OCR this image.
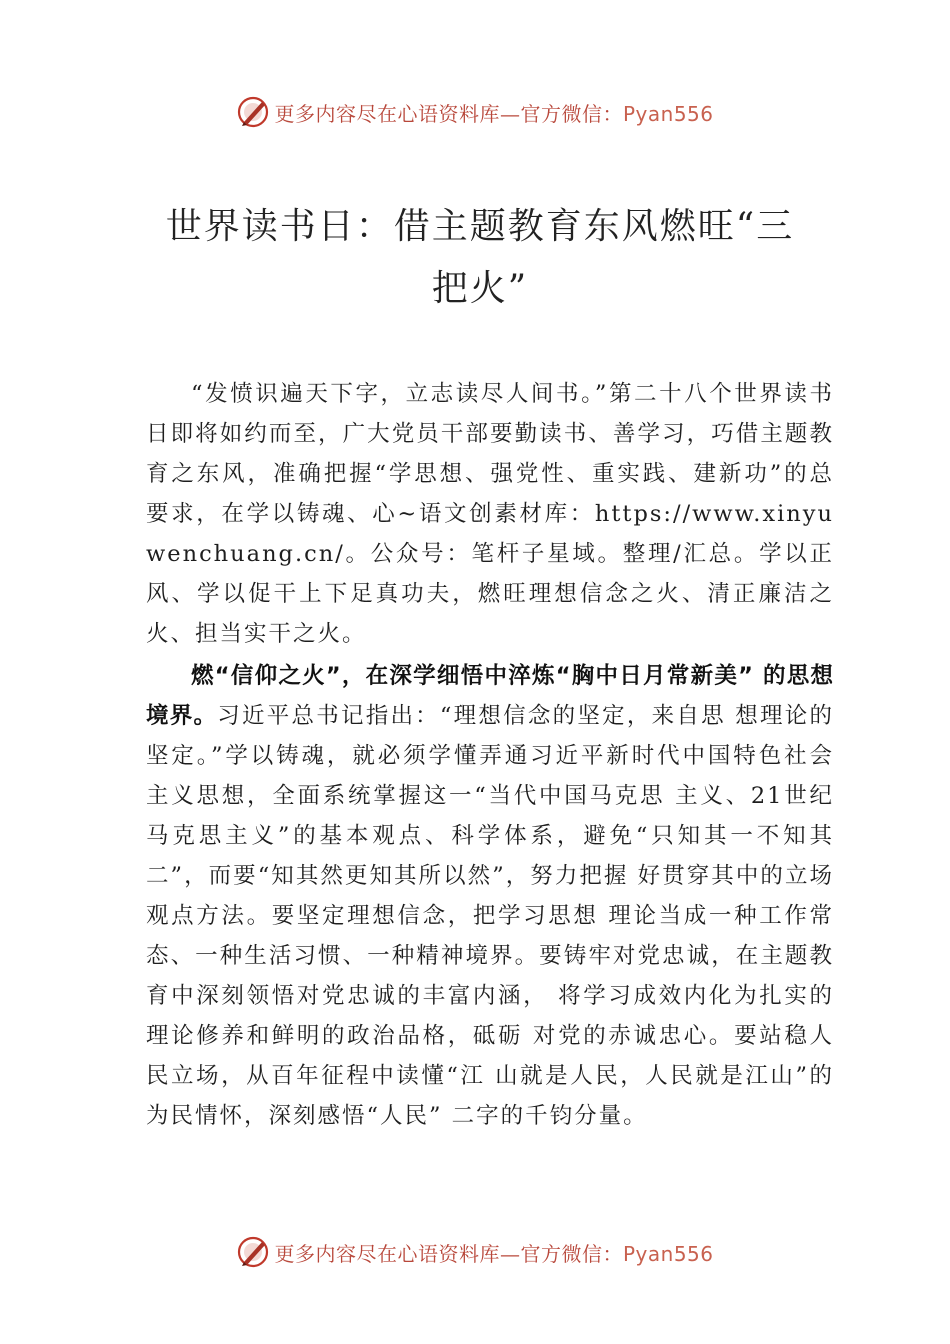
更多内容尽在心语资料库—官方微信：Pyan556
世界读书日：借主题教育东风燃旺“三把火”

“发愤识遍天下字，立志读尽人间书。”第二十八个世界读书日即将如约而至，广大党员干部要勤读书、善学习，巧借主题教育之东风，准确把握“学思想、强党性、重实践、建新功”的总要求，在学以铸魂、心~语文创素材库：https://www.xinyuwenchuang.cn/。公众号：笔杆子星域。整理/汇总。学以正风、学以促干上下足真功夫，燃旺理想信念之火、清正廉洁之火、担当实干之火。

燃“信仰之火”，在深学细悟中淬炼“胸中日月常新美” 的思想境界。习近平总书记指出：“理想信念的坚定，来自思 想理论的坚定。”学以铸魂，就必须学懂弄通习近平新时代中国特色社会主义思想，全面系统掌握这一“当代中国马克思 主义、21世纪马克思主义”的基本观点、科学体系，避免“只知其一不知其二”，而要“知其然更知其所以然”，努力把握 好贯穿其中的立场观点方法。要坚定理想信念，把学习思想 理论当成一种工作常态、一种生活习惯、一种精神境界。要铸牢对党忠诚，在主题教育中深刻领悟对党忠诚的丰富内涵， 将学习成效内化为扎实的理论修养和鲜明的政治品格，砥砺 对党的赤诚忠心。要站稳人民立场，从百年征程中读懂“江 山就是人民，人民就是江山”的为民情怀，深刻感悟“人民” 二字的千钧分量。

更多内容尽在心语资料库—官方微信：Pyan556
